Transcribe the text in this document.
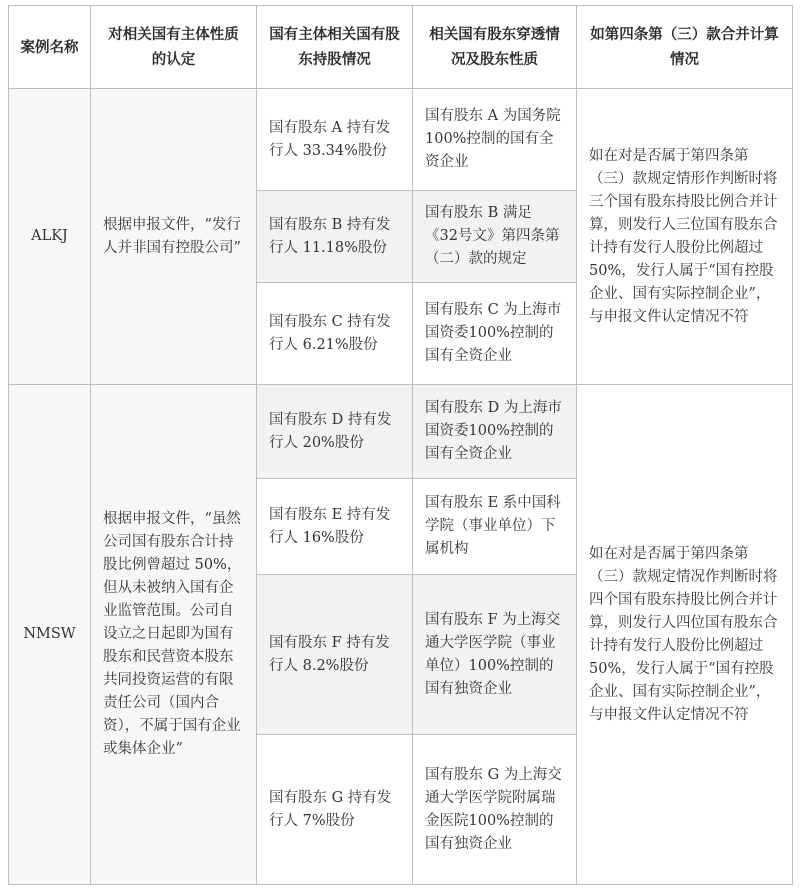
案例名称	对相关国有主体性质的认定	国有主体相关国有股东持股情况	相关国有股东穿透情况及股东性质	如第四条第（三）款合并计算情况
ALKJ	根据申报文件，“发行人并非国有控股公司”	国有股东 A 持有发行人 33.34%股份	国有股东 A 为国务院100%控制的国有全资企业	如在对是否属于第四条第（三）款规定情形作判断时将三个国有股东持股比例合并计算，则发行人三位国有股东合计持有发行人股份比例超过50%，发行人属于“国有控股企业、国有实际控制企业”，与申报文件认定情况不符
		国有股东 B 持有发行人 11.18%股份	国有股东 B 满足《32号文》第四条第（二）款的规定	
		国有股东 C 持有发行人 6.21%股份	国有股东 C 为上海市国资委100%控制的国有全资企业	
NMSW	根据申报文件，“虽然公司国有股东合计持股比例曾超过 50%，但从未被纳入国有企业监管范围。公司自设立之日起即为国有股东和民营资本股东共同投资运营的有限责任公司（国内合资），不属于国有企业或集体企业”	国有股东 D 持有发行人 20%股份	国有股东 D 为上海市国资委100%控制的国有全资企业	如在对是否属于第四条第（三）款规定情况作判断时将四个国有股东持股比例合并计算，则发行人四位国有股东合计持有发行人股份比例超过50%，发行人属于“国有控股企业、国有实际控制企业”，与申报文件认定情况不符
		国有股东 E 持有发行人 16%股份	国有股东 E 系中国科学院（事业单位）下属机构	
		国有股东 F 持有发行人 8.2%股份	国有股东 F 为上海交通大学医学院（事业单位）100%控制的国有独资企业	
		国有股东 G 持有发行人 7%股份	国有股东 G 为上海交通大学医学院附属瑞金医院100%控制的国有独资企业	
